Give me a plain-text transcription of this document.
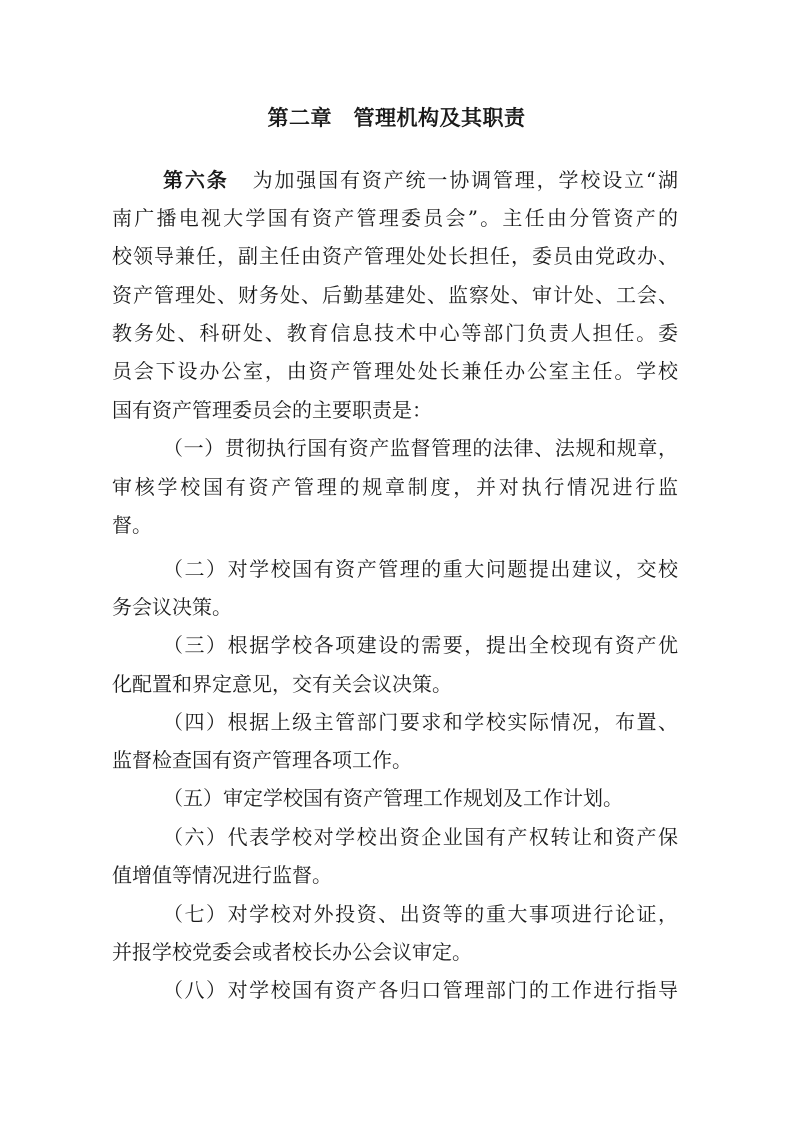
第二章　管理机构及其职责
第六条 为加强国有资产统一协调管理，学校设立“湖
南广播电视大学国有资产管理委员会”。主任由分管资产的
校领导兼任，副主任由资产管理处处长担任，委员由党政办、
资产管理处、财务处、后勤基建处、监察处、审计处、工会、
教务处、科研处、教育信息技术中心等部门负责人担任。委
员会下设办公室，由资产管理处处长兼任办公室主任。学校
国有资产管理委员会的主要职责是：
（一）贯彻执行国有资产监督管理的法律、法规和规章，
审核学校国有资产管理的规章制度，并对执行情况进行监
督。
（二）对学校国有资产管理的重大问题提出建议，交校
务会议决策。
（三）根据学校各项建设的需要，提出全校现有资产优
化配置和界定意见，交有关会议决策。
（四）根据上级主管部门要求和学校实际情况，布置、
监督检查国有资产管理各项工作。
（五）审定学校国有资产管理工作规划及工作计划。
（六）代表学校对学校出资企业国有产权转让和资产保
值增值等情况进行监督。
（七）对学校对外投资、出资等的重大事项进行论证，
并报学校党委会或者校长办公会议审定。
（八）对学校国有资产各归口管理部门的工作进行指导
